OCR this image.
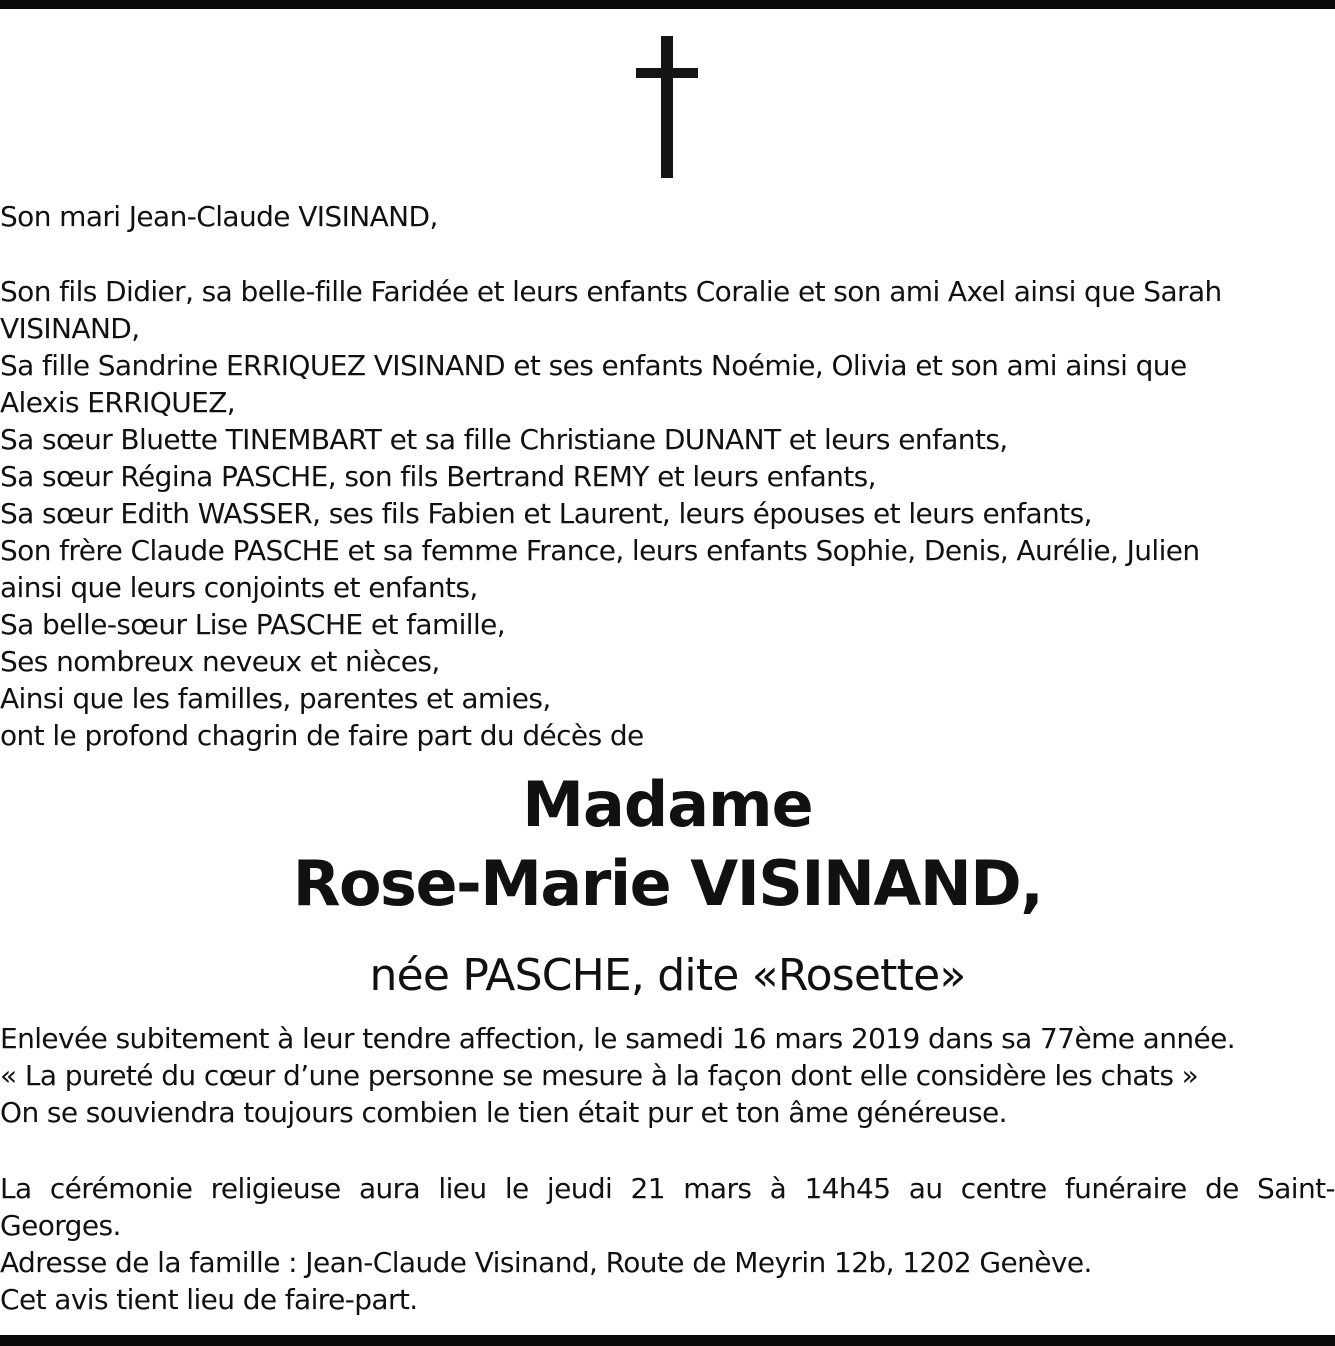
Son mari Jean-Claude VISINAND,

Son fils Didier, sa belle-fille Faridée et leurs enfants Coralie et son ami Axel ainsi que Sarah

VISINAND,

Sa fille Sandrine ERRIQUEZ VISINAND et ses enfants Noémie, Olivia et son ami ainsi que

Alexis ERRIQUEZ,

Sa sœur Bluette TINEMBART et sa fille Christiane DUNANT et leurs enfants,

Sa sœur Régina PASCHE, son fils Bertrand REMY et leurs enfants,

Sa sœur Edith WASSER, ses fils Fabien et Laurent, leurs épouses et leurs enfants,

Son frère Claude PASCHE et sa femme France, leurs enfants Sophie, Denis, Aurélie, Julien

ainsi que leurs conjoints et enfants,

Sa belle-sœur Lise PASCHE et famille,

Ses nombreux neveux et nièces,

Ainsi que les familles, parentes et amies,

ont le profond chagrin de faire part du décès de

Madame
Rose-Marie VISINAND,
née PASCHE, dite «Rosette»

Enlevée subitement à leur tendre affection, le samedi 16 mars 2019 dans sa 77ème année.

« La pureté du cœur d’une personne se mesure à la façon dont elle considère les chats »

On se souviendra toujours combien le tien était pur et ton âme généreuse.

La cérémonie religieuse aura lieu le jeudi 21 mars à 14h45 au centre funéraire de Saint-

Georges.

Adresse de la famille : Jean-Claude Visinand, Route de Meyrin 12b, 1202 Genève.

Cet avis tient lieu de faire-part.
